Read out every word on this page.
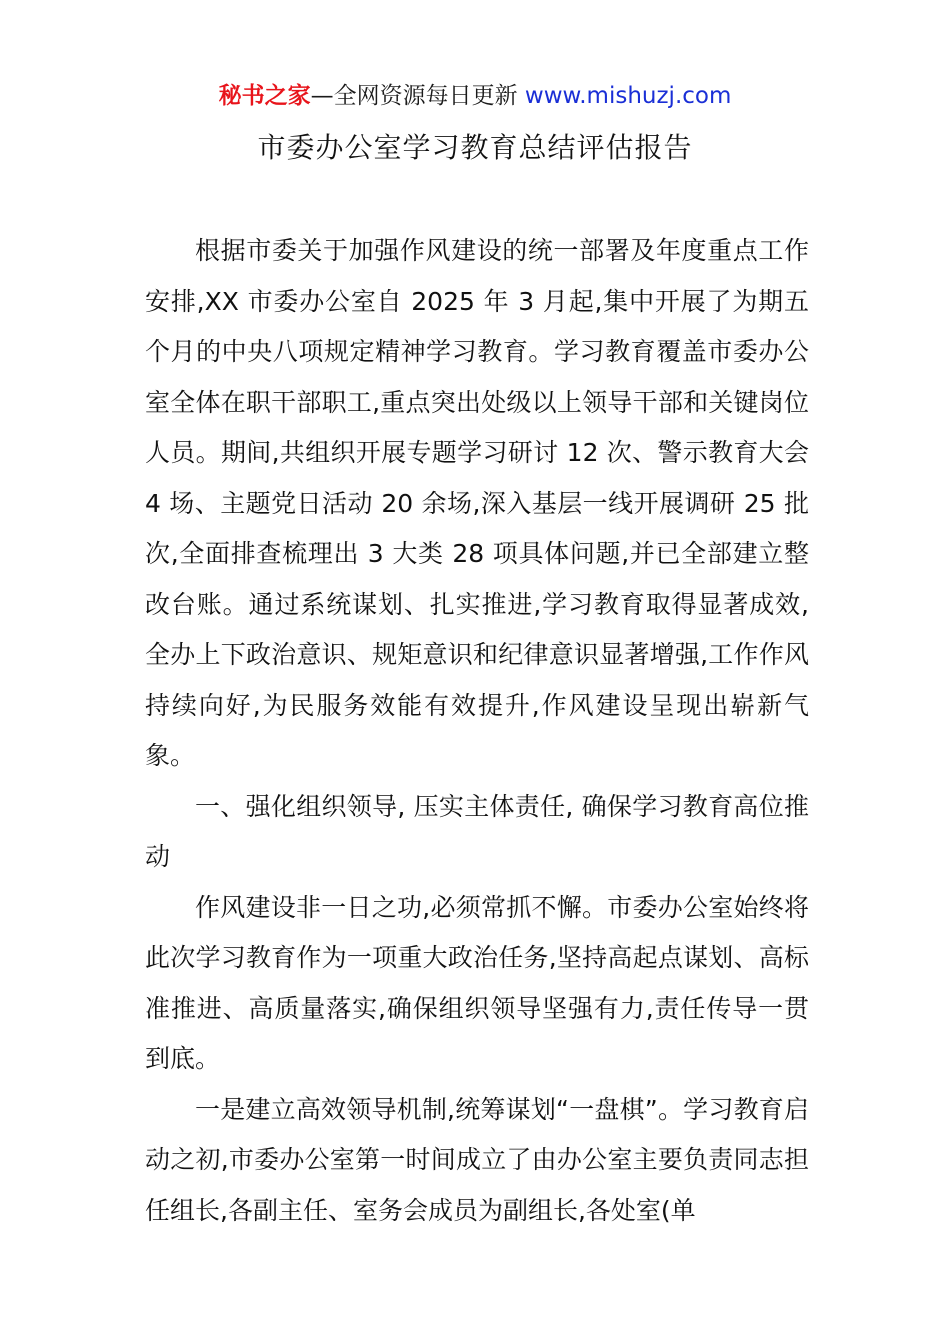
秘书之家—全网资源每日更新 www.mishuzj.com
市委办公室学习教育总结评估报告

根据市委关于加强作风建设的统一部署及年度重点工作安排,XX 市委办公室自 2025 年 3 月起,集中开展了为期五个月的中央八项规定精神学习教育。学习教育覆盖市委办公室全体在职干部职工,重点突出处级以上领导干部和关键岗位人员。期间,共组织开展专题学习研讨 12 次、警示教育大会 4 场、主题党日活动 20 余场,深入基层一线开展调研 25 批次,全面排查梳理出 3 大类 28 项具体问题,并已全部建立整改台账。通过系统谋划、扎实推进,学习教育取得显著成效,全办上下政治意识、规矩意识和纪律意识显著增强,工作作风持续向好,为民服务效能有效提升,作风建设呈现出崭新气象。

一、强化组织领导, 压实主体责任, 确保学习教育高位推动

作风建设非一日之功,必须常抓不懈。市委办公室始终将此次学习教育作为一项重大政治任务,坚持高起点谋划、高标准推进、高质量落实,确保组织领导坚强有力,责任传导一贯到底。

一是建立高效领导机制,统筹谋划“一盘棋”。学习教育启动之初,市委办公室第一时间成立了由办公室主要负责同志担任组长,各副主任、室务会成员为副组长,各处室(单
